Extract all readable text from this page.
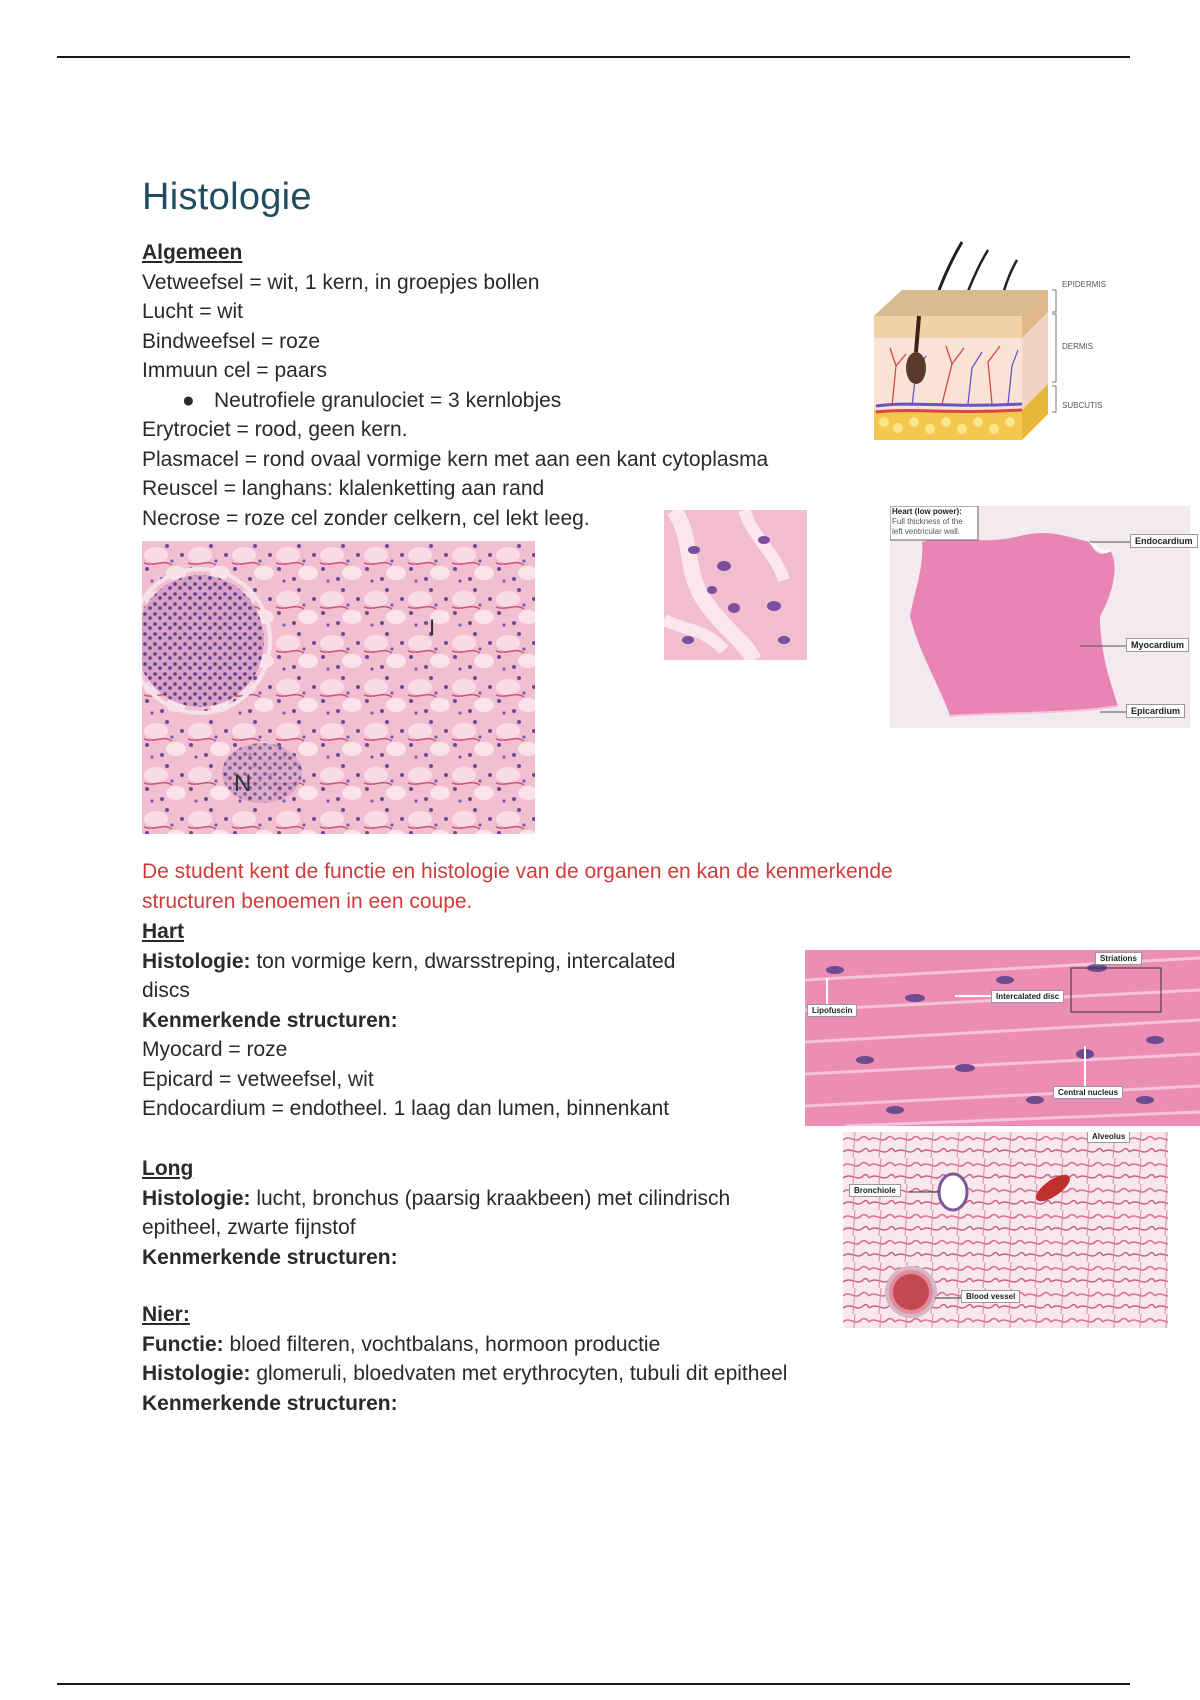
Histologie
Algemeen
Vetweefsel = wit, 1 kern, in groepjes bollen
Lucht = wit
Bindweefsel = roze
Immuun cel = paars
● Neutrofiele granulociet = 3 kernlobjes
Erytrociet = rood, geen kern.
Plasmacel = rond ovaal vormige kern met aan een kant cytoplasma
Reuscel = langhans: klalenketting aan rand
Necrose = roze cel zonder celkern, cel lekt leeg.
EPIDERMIS
DERMIS
SUBCUTIS
I
N
Heart (low power):
Full thickness of the
left ventricular wall.
Endocardium
Myocardium
Epicardium
De student kent de functie en histologie van de organen en kan de kenmerkende
structuren benoemen in een coupe.
Hart
Histologie: ton vormige kern, dwarsstreping, intercalated
discs
Kenmerkende structuren:
Myocard = roze
Epicard = vetweefsel, wit
Endocardium = endotheel. 1 laag dan lumen, binnenkant
Striations
Intercalated disc
Lipofuscin
Central nucleus
Long
Histologie: lucht, bronchus (paarsig kraakbeen) met cilindrisch
epitheel, zwarte fijnstof
Kenmerkende structuren:
Alveolus
Bronchiole
Blood vessel
Nier:
Functie: bloed filteren, vochtbalans, hormoon productie
Histologie: glomeruli, bloedvaten met erythrocyten, tubuli dit epitheel
Kenmerkende structuren:
